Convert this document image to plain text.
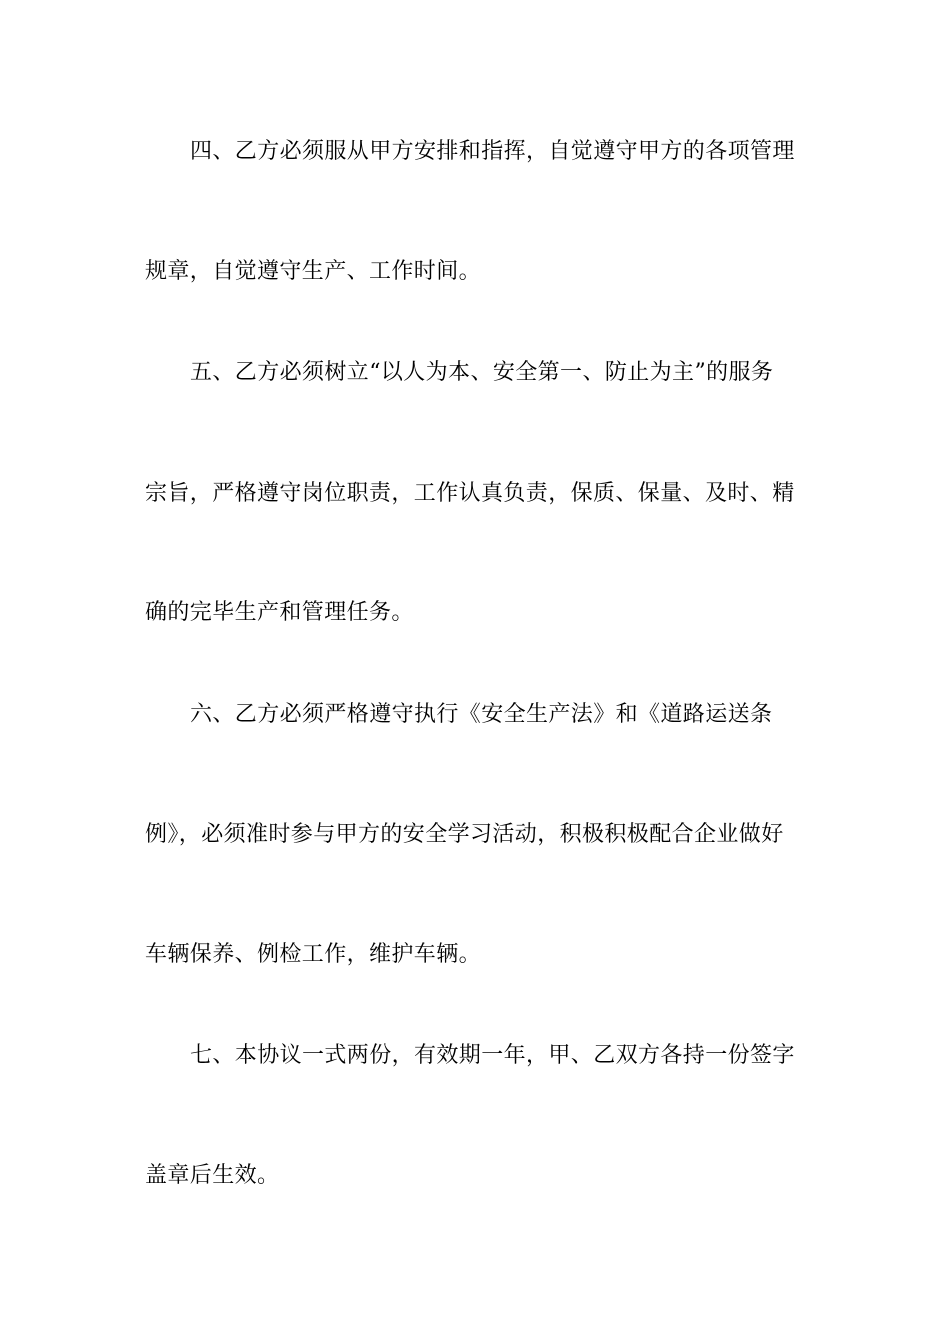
四、乙方必须服从甲方安排和指挥，自觉遵守甲方的各项管理
规章，自觉遵守生产、工作时间。
五、乙方必须树立“以人为本、安全第一、防止为主”的服务
宗旨，严格遵守岗位职责，工作认真负责，保质、保量、及时、精
确的完毕生产和管理任务。
六、乙方必须严格遵守执行《安全生产法》和《道路运送条
例》，必须准时参与甲方的安全学习活动，积极积极配合企业做好
车辆保养、例检工作，维护车辆。
七、本协议一式两份，有效期一年，甲、乙双方各持一份签字
盖章后生效。
